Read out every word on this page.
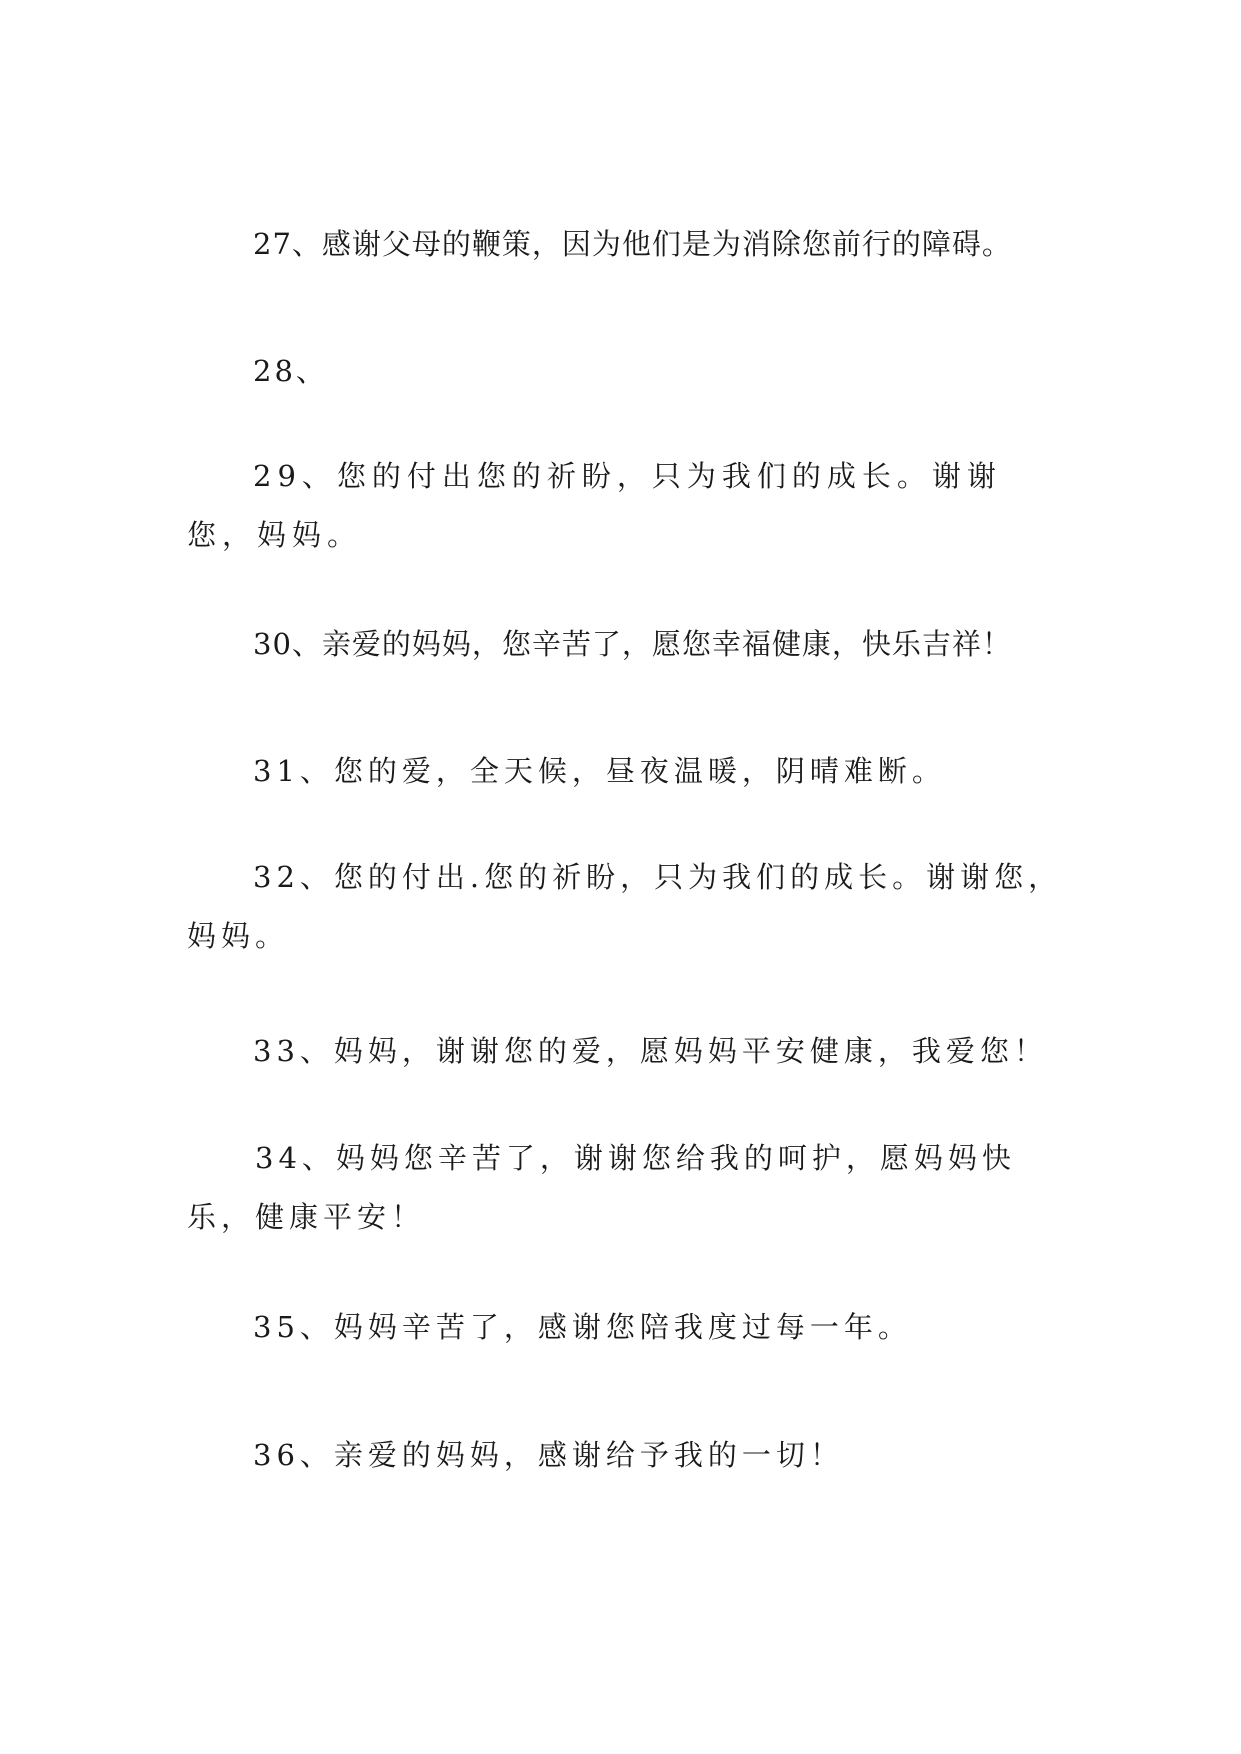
27、感谢父母的鞭策，因为他们是为消除您前行的障碍。

28、

29、您的付出您的祈盼，只为我们的成长。谢谢您，妈妈。

30、亲爱的妈妈，您辛苦了，愿您幸福健康，快乐吉祥！

31、您的爱，全天候，昼夜温暖，阴晴难断。

32、您的付出.您的祈盼，只为我们的成长。谢谢您，妈妈。

33、妈妈，谢谢您的爱，愿妈妈平安健康，我爱您！

34、妈妈您辛苦了，谢谢您给我的呵护，愿妈妈快乐，健康平安！

35、妈妈辛苦了，感谢您陪我度过每一年。

36、亲爱的妈妈，感谢给予我的一切！
